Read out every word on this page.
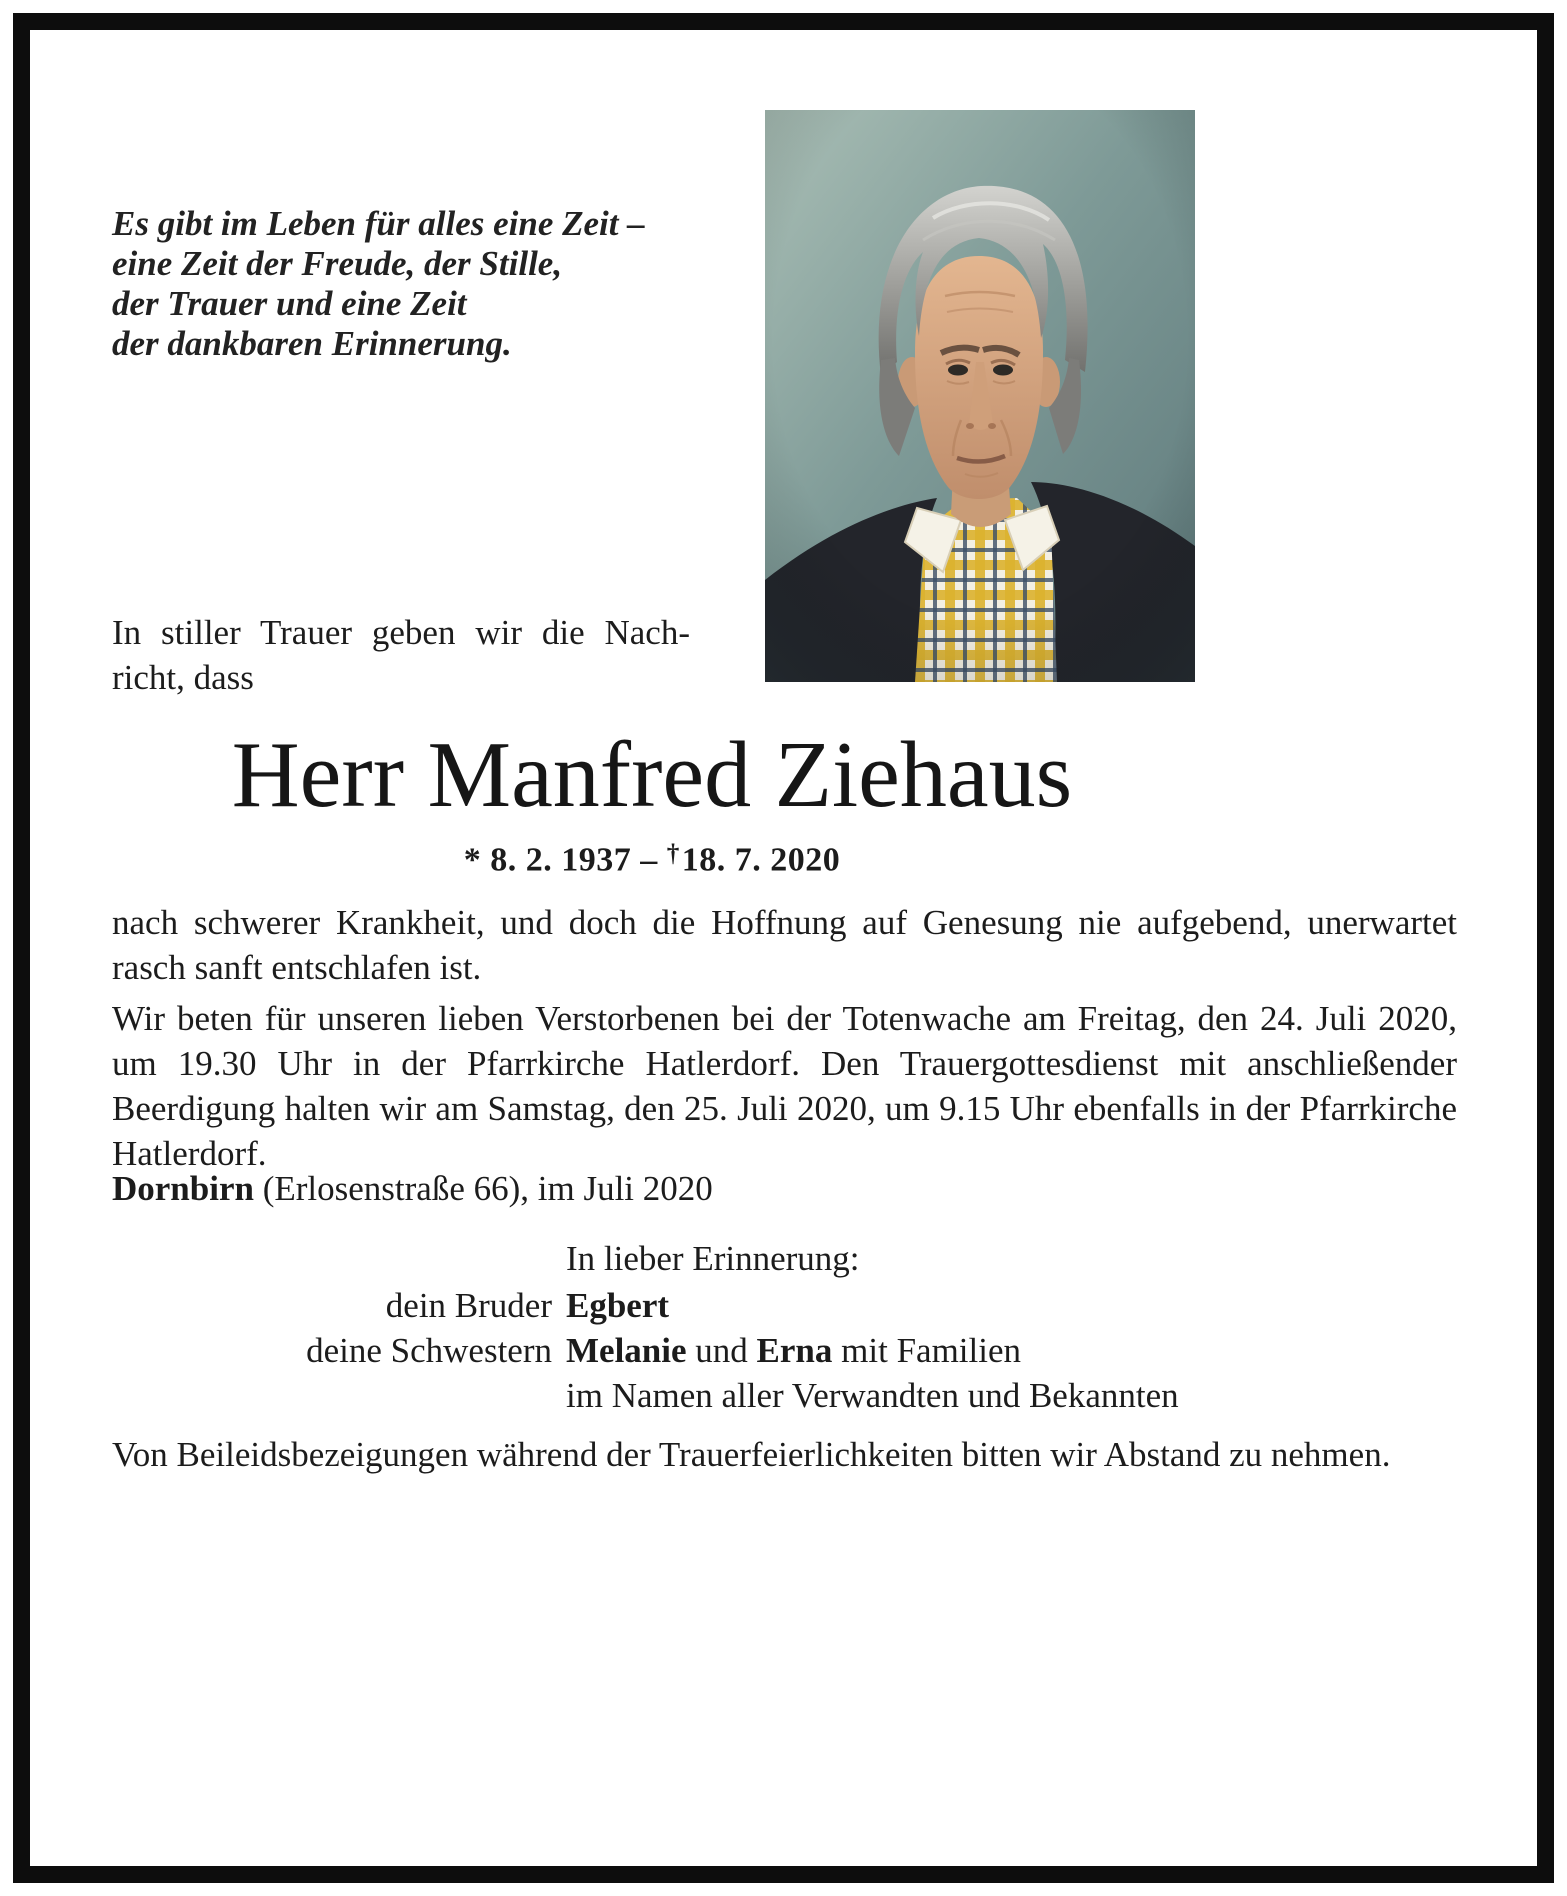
Es gibt im Leben für alles eine Zeit –
eine Zeit der Freude, der Stille,
der Trauer und eine Zeit
der dankbaren Erinnerung.
In stiller Trauer geben wir die Nach-
richt, dass
Herr Manfred Ziehaus
* 8. 2. 1937 – †18. 7. 2020

nach schwerer Krankheit, und doch die Hoffnung auf Genesung nie aufgebend, unerwartet rasch sanft entschlafen ist.

Wir beten für unseren lieben Verstorbenen bei der Totenwache am Freitag, den 24. Juli 2020, um 19.30 Uhr in der Pfarrkirche Hatlerdorf. Den Trauergottesdienst mit anschließender Beerdigung halten wir am Samstag, den 25. Juli 2020, um 9.15 Uhr ebenfalls in der Pfarrkirche Hatlerdorf.

Dornbirn (Erlosenstraße 66), im Juli 2020

In lieber Erinnerung:
dein Bruder Egbert
deine Schwestern Melanie und Erna mit Familien
im Namen aller Verwandten und Bekannten

Von Beileidsbezeigungen während der Trauerfeierlichkeiten bitten wir Abstand zu nehmen.
